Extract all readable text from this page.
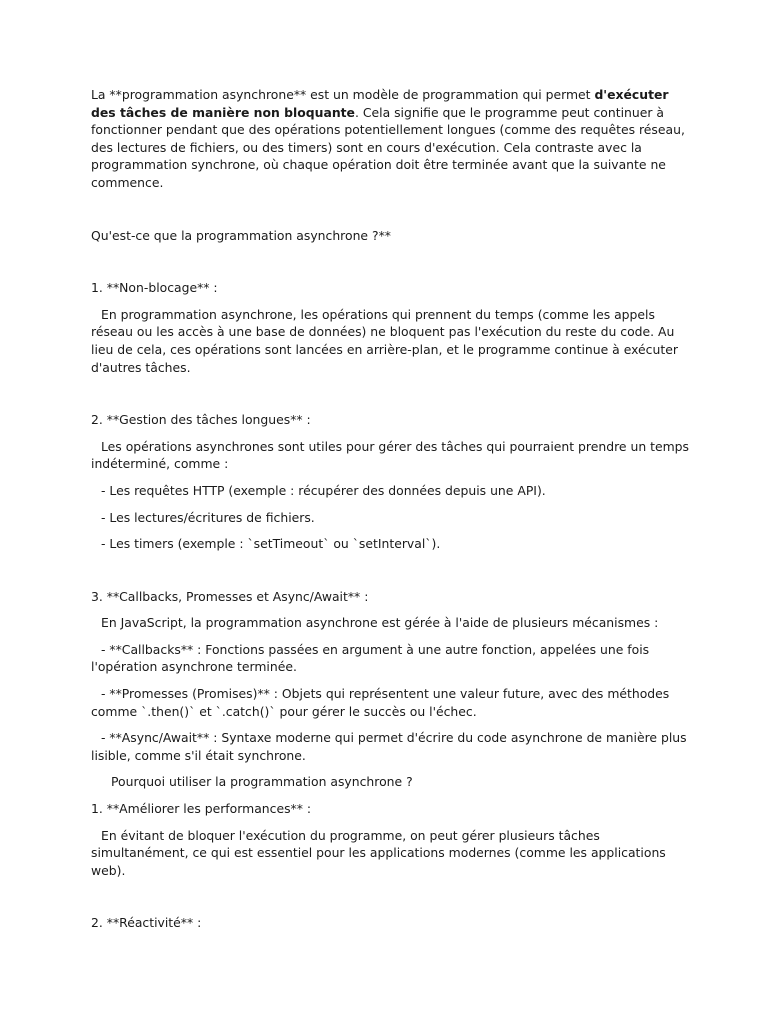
La **programmation asynchrone** est un modèle de programmation qui permet d'exécuter des tâches de manière non bloquante. Cela signifie que le programme peut continuer à fonctionner pendant que des opérations potentiellement longues (comme des requêtes réseau, des lectures de fichiers, ou des timers) sont en cours d'exécution. Cela contraste avec la programmation synchrone, où chaque opération doit être terminée avant que la suivante ne commence.

Qu'est-ce que la programmation asynchrone ?**

1. **Non-blocage** :

En programmation asynchrone, les opérations qui prennent du temps (comme les appels réseau ou les accès à une base de données) ne bloquent pas l'exécution du reste du code. Au lieu de cela, ces opérations sont lancées en arrière-plan, et le programme continue à exécuter d'autres tâches.

2. **Gestion des tâches longues** :

Les opérations asynchrones sont utiles pour gérer des tâches qui pourraient prendre un temps indéterminé, comme :

- Les requêtes HTTP (exemple : récupérer des données depuis une API).

- Les lectures/écritures de fichiers.

- Les timers (exemple : `setTimeout` ou `setInterval`).

3. **Callbacks, Promesses et Async/Await** :

En JavaScript, la programmation asynchrone est gérée à l'aide de plusieurs mécanismes :

- **Callbacks** : Fonctions passées en argument à une autre fonction, appelées une fois l'opération asynchrone terminée.

- **Promesses (Promises)** : Objets qui représentent une valeur future, avec des méthodes comme `.then()` et `.catch()` pour gérer le succès ou l'échec.

- **Async/Await** : Syntaxe moderne qui permet d'écrire du code asynchrone de manière plus lisible, comme s'il était synchrone.

Pourquoi utiliser la programmation asynchrone ?

1. **Améliorer les performances** :

En évitant de bloquer l'exécution du programme, on peut gérer plusieurs tâches simultanément, ce qui est essentiel pour les applications modernes (comme les applications web).

2. **Réactivité** :
